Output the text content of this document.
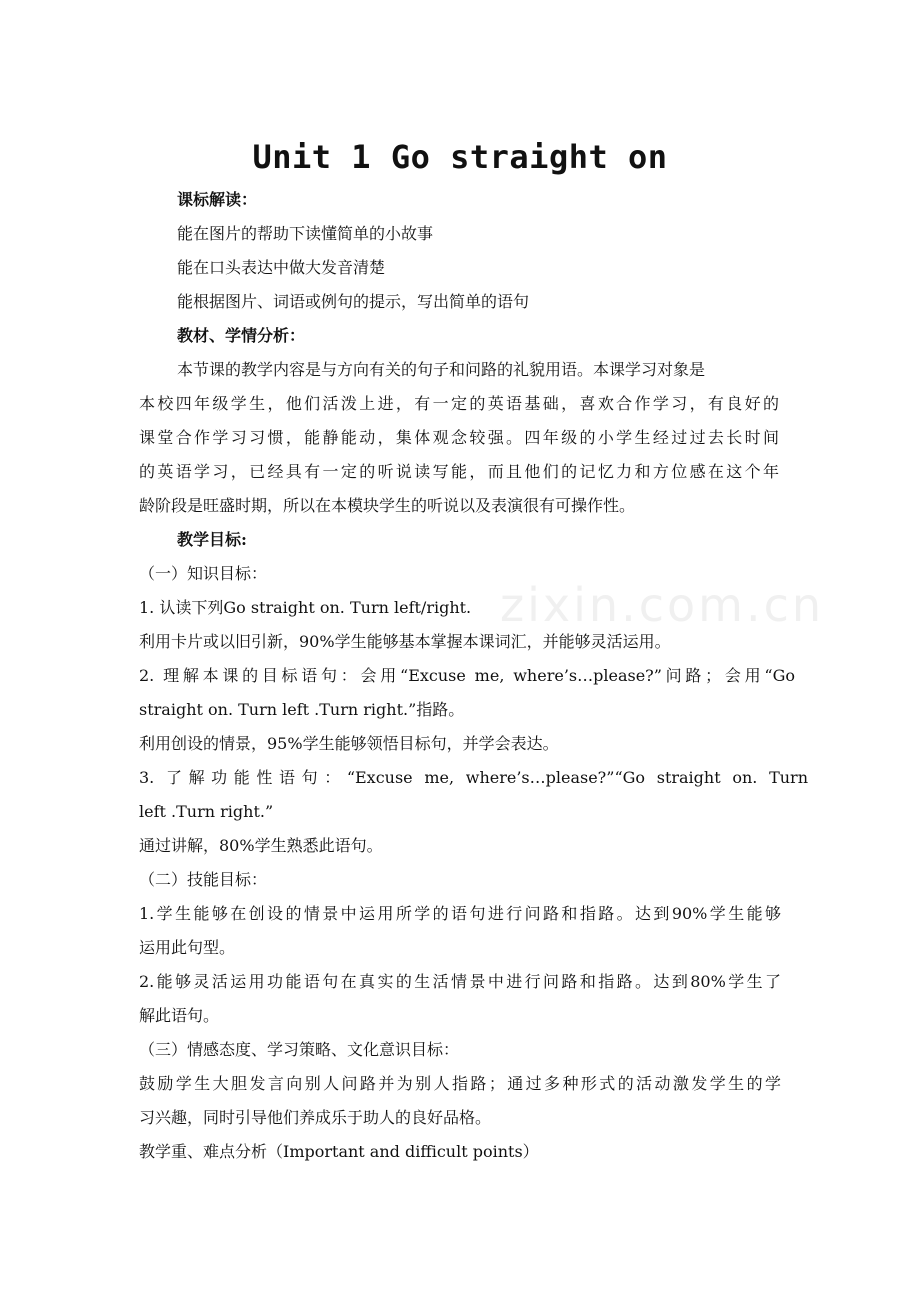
zixin.com.cn
Unit 1 Go straight on
课标解读：
能在图片的帮助下读懂简单的小故事
能在口头表达中做大发音清楚
能根据图片、词语或例句的提示，写出简单的语句
教材、学情分析：
本节课的教学内容是与方向有关的句子和问路的礼貌用语。本课学习对象是
本校四年级学生，他们活泼上进，有一定的英语基础，喜欢合作学习，有良好的
课堂合作学习习惯，能静能动，集体观念较强。四年级的小学生经过过去长时间
的英语学习，已经具有一定的听说读写能，而且他们的记忆力和方位感在这个年
龄阶段是旺盛时期，所以在本模块学生的听说以及表演很有可操作性。
教学目标:
（一）知识目标：
1. 认读下列Go straight on. Turn left/right.
利用卡片或以旧引新，90%学生能够基本掌握本课词汇，并能够灵活运用。
2. 理解本课的目标语句：会用“Excuse me, where’s…please?”问路；会用“Go
straight on. Turn left .Turn right.”指路。
利用创设的情景，95%学生能够领悟目标句，并学会表达。
3. 了解功能性语句：“Excuse me, where’s…please?”“Go straight on. Turn
left .Turn right.”
通过讲解，80%学生熟悉此语句。
（二）技能目标：
1.学生能够在创设的情景中运用所学的语句进行问路和指路。达到90%学生能够
运用此句型。
2.能够灵活运用功能语句在真实的生活情景中进行问路和指路。达到80%学生了
解此语句。
（三）情感态度、学习策略、文化意识目标：
鼓励学生大胆发言向别人问路并为别人指路；通过多种形式的活动激发学生的学
习兴趣，同时引导他们养成乐于助人的良好品格。
教学重、难点分析（Important and difficult points）
